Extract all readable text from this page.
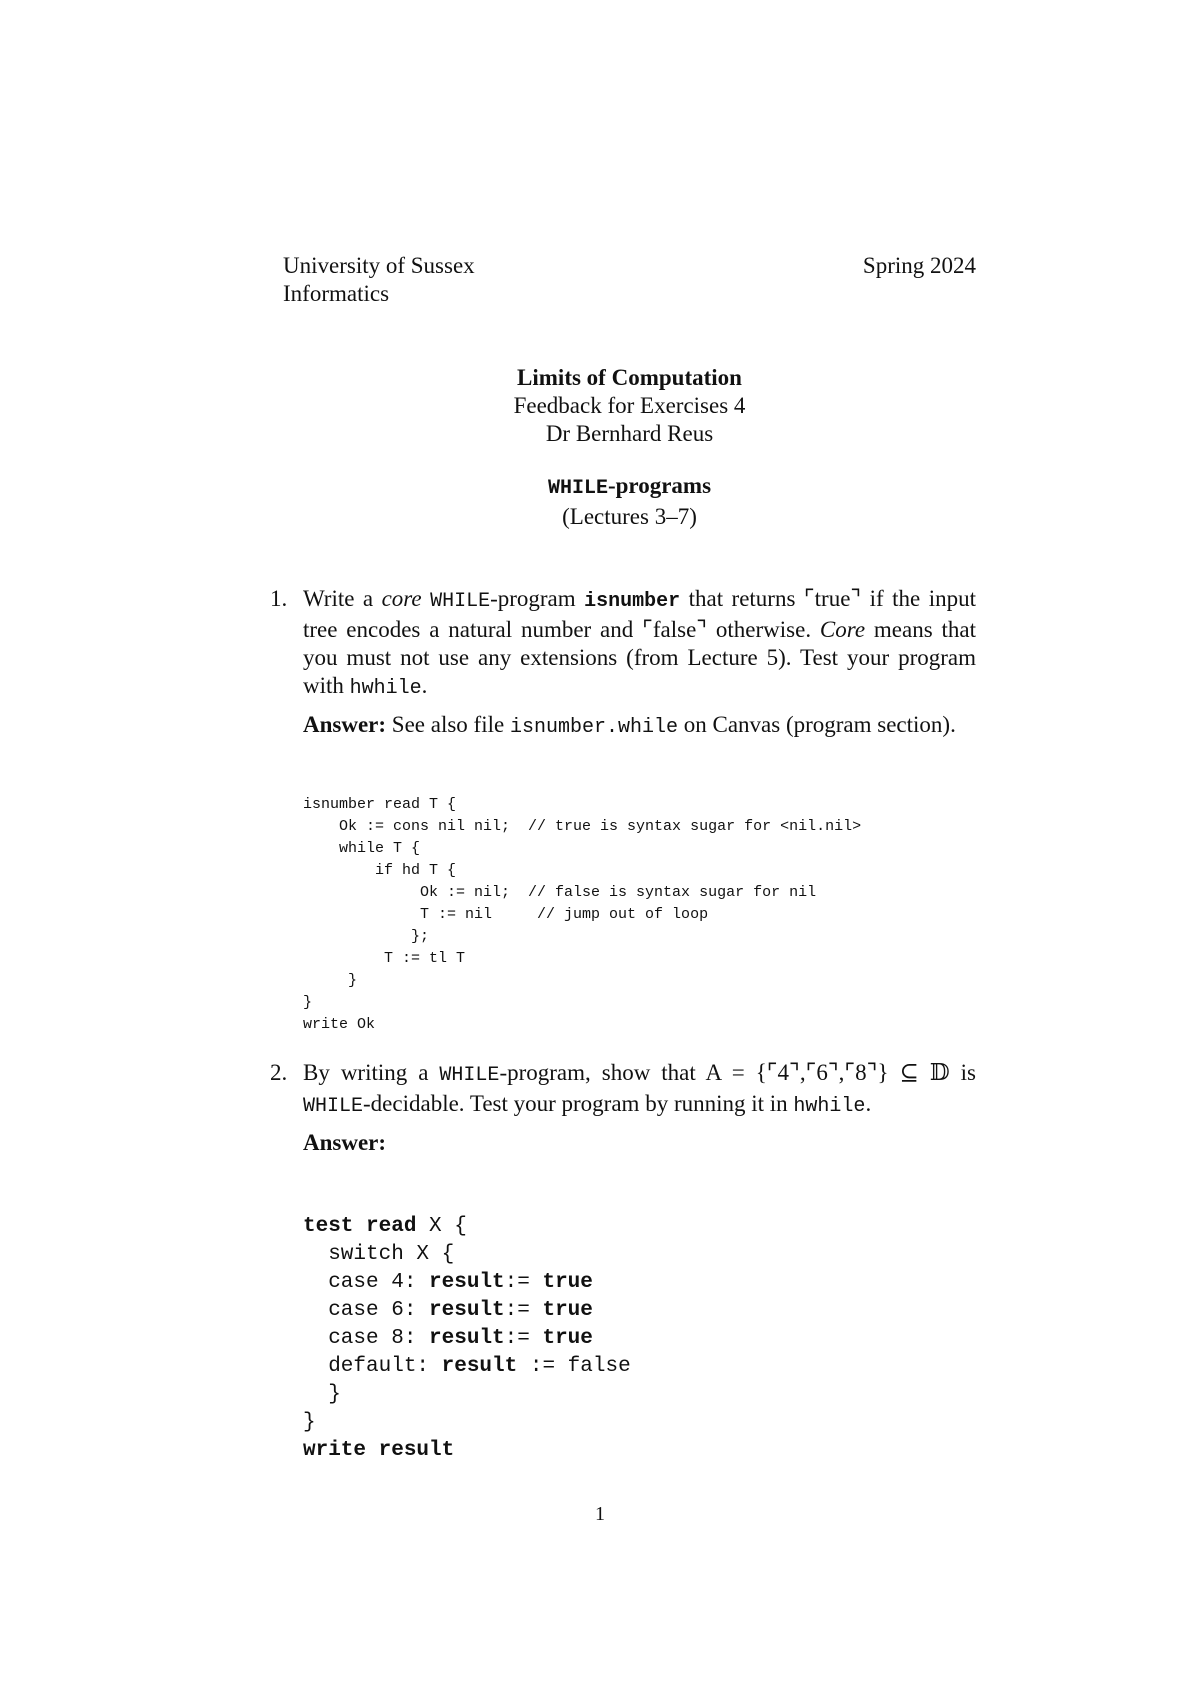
University of Sussex
Informatics
Spring 2024
Limits of Computation
Feedback for Exercises 4
Dr Bernhard Reus
WHILE-programs
(Lectures 3–7)
1. Write a core WHILE-program isnumber that returns ⌜true⌝ if the input tree encodes a natural number and ⌜false⌝ otherwise. Core means that you must not use any extensions (from Lecture 5). Test your program with hwhile.

Answer: See also file isnumber.while on Canvas (program section).

isnumber read T {
Ok := cons nil nil;  // true is syntax sugar for <nil.nil>
while T {
if hd T {
Ok := nil;  // false is syntax sugar for nil
T := nil     // jump out of loop
};
T := tl T
}
}
write Ok
2. By writing a WHILE-program, show that A = {⌜4⌝,⌜6⌝,⌜8⌝} ⊆ 𝔻 is WHILE-decidable. Test your program by running it in hwhile.

Answer:

test read X {
switch X {
case 4: result:= true
case 6: result:= true
case 8: result:= true
default: result := false
}
}
write result
1
